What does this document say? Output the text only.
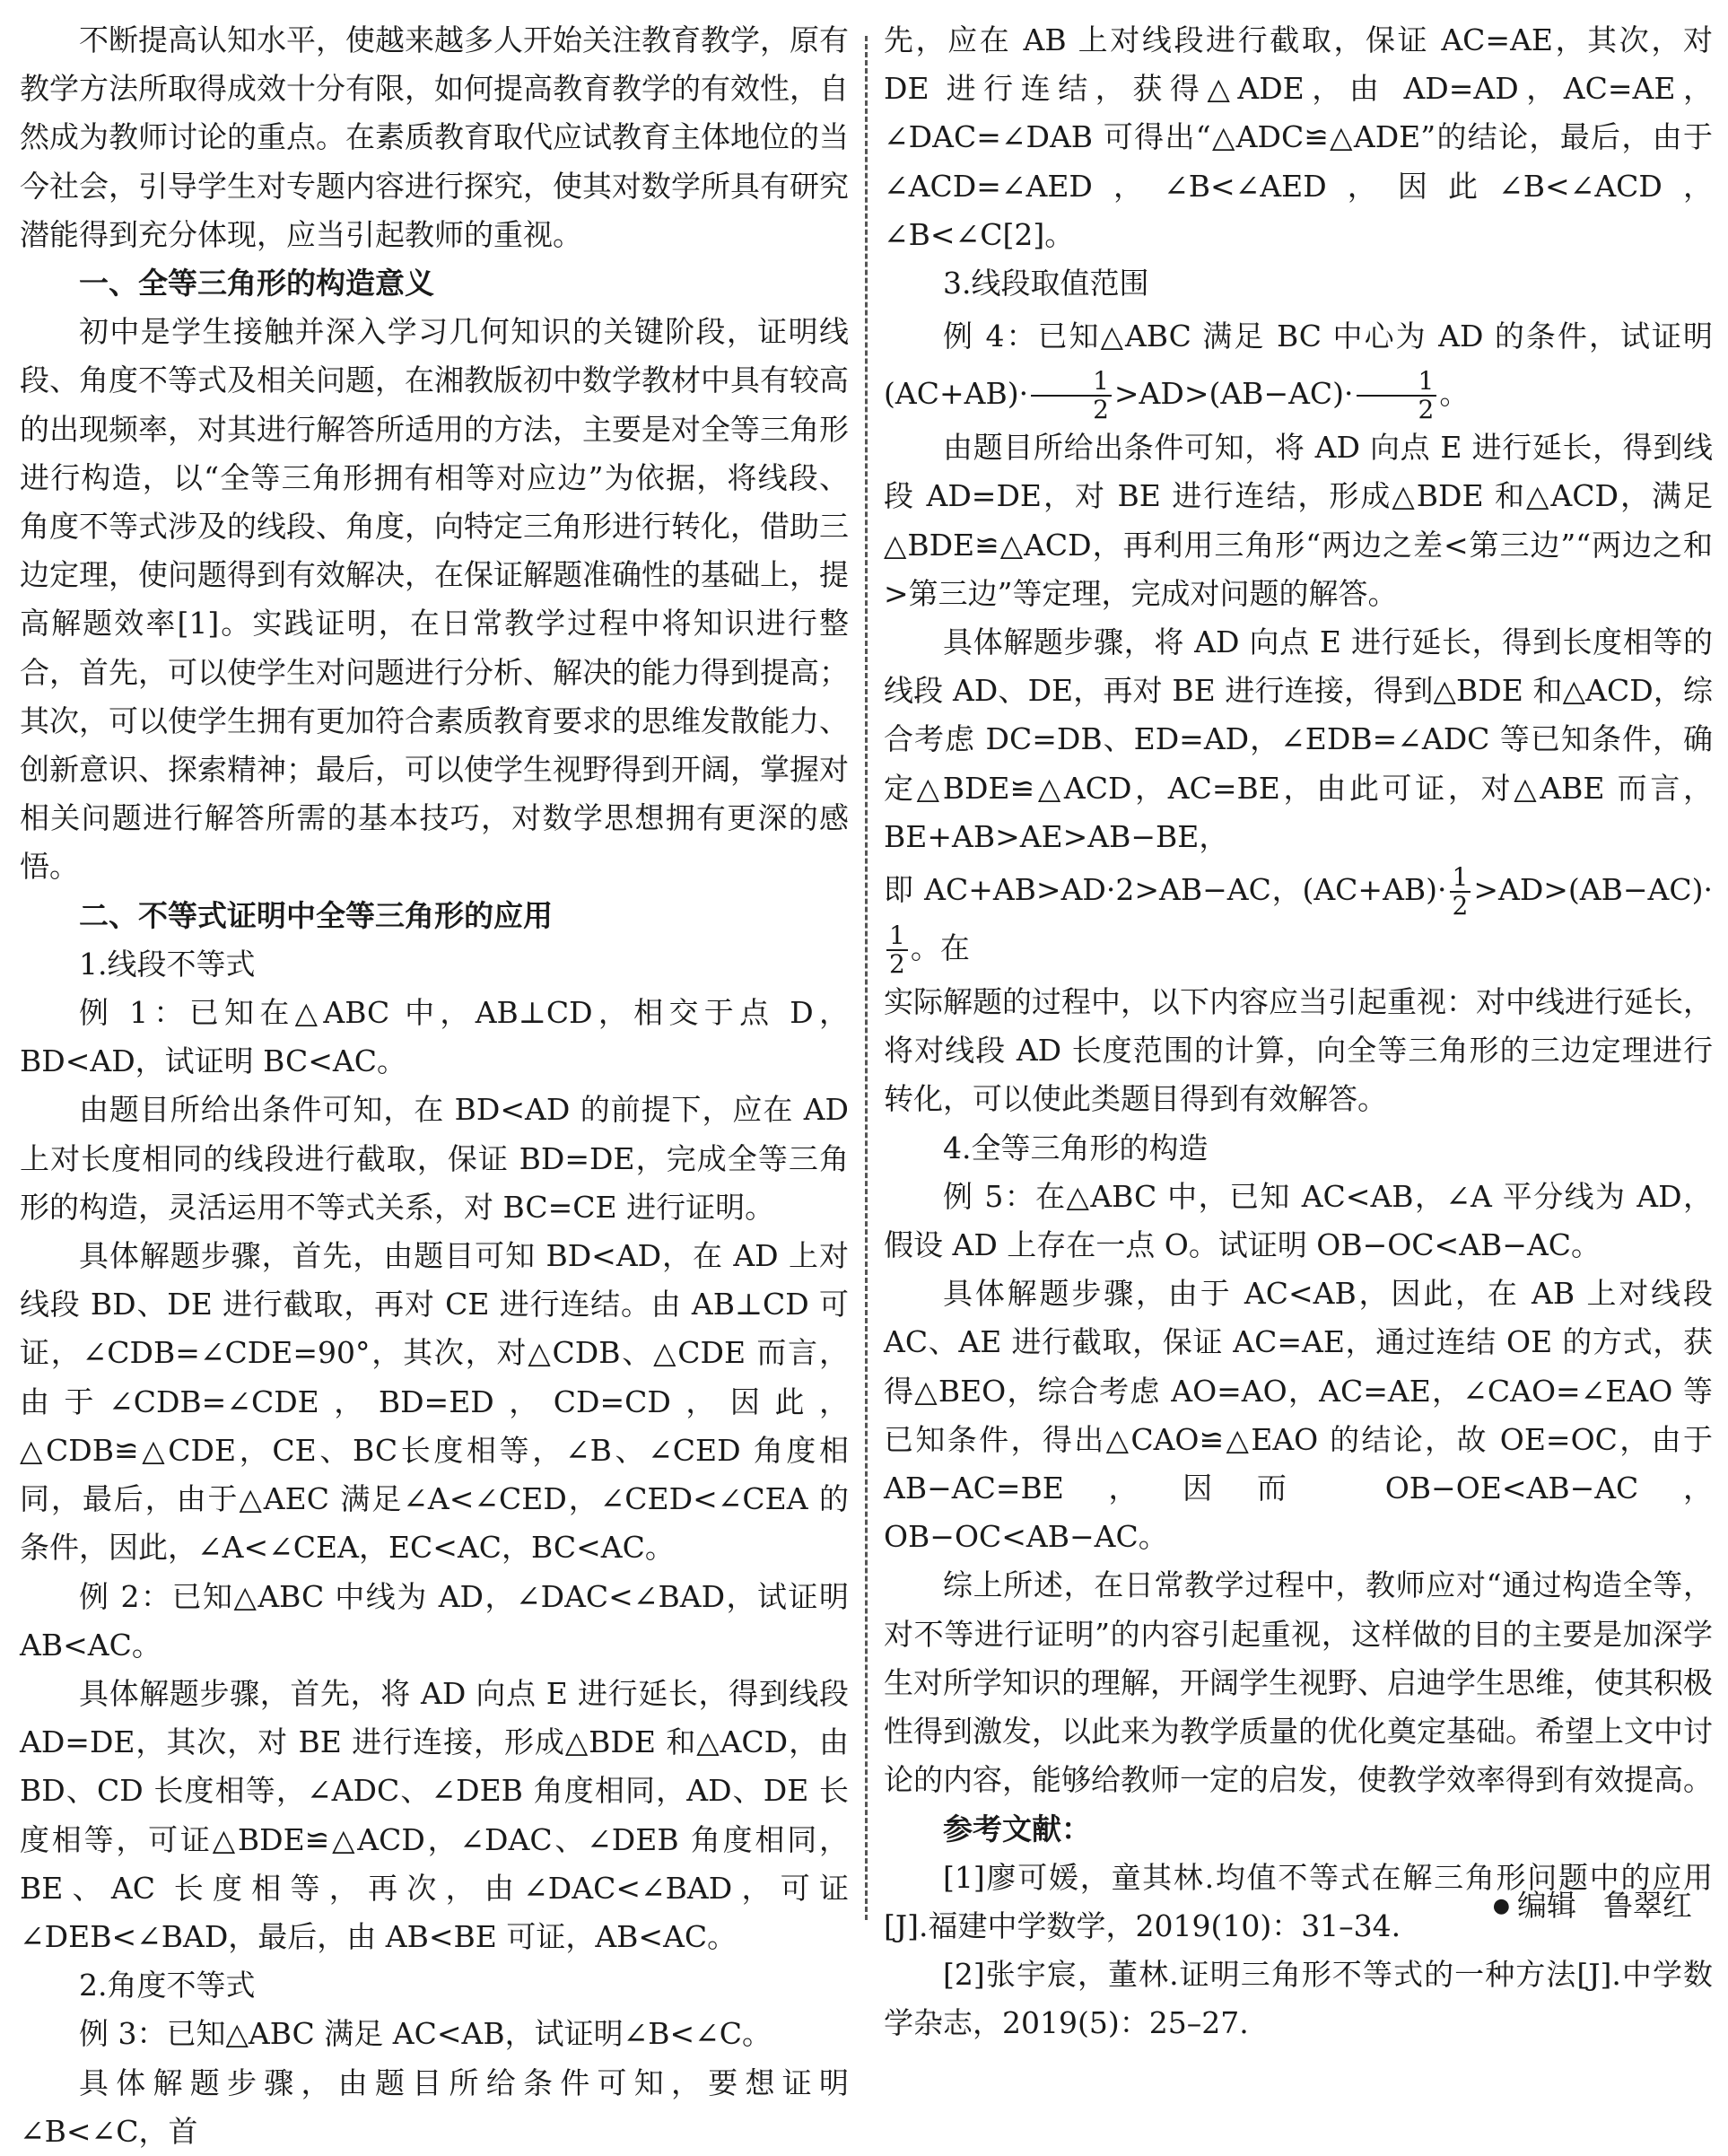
不断提高认知水平，使越来越多人开始关注教育教学，原有教学方法所取得成效十分有限，如何提高教育教学的有效性，自然成为教师讨论的重点。在素质教育取代应试教育主体地位的当今社会，引导学生对专题内容进行探究，使其对数学所具有研究潜能得到充分体现，应当引起教师的重视。

一、全等三角形的构造意义

初中是学生接触并深入学习几何知识的关键阶段，证明线段、角度不等式及相关问题，在湘教版初中数学教材中具有较高的出现频率，对其进行解答所适用的方法，主要是对全等三角形进行构造，以“全等三角形拥有相等对应边”为依据，将线段、角度不等式涉及的线段、角度，向特定三角形进行转化，借助三边定理，使问题得到有效解决，在保证解题准确性的基础上，提高解题效率[1]。实践证明，在日常教学过程中将知识进行整合，首先，可以使学生对问题进行分析、解决的能力得到提高；其次，可以使学生拥有更加符合素质教育要求的思维发散能力、创新意识、探索精神；最后，可以使学生视野得到开阔，掌握对相关问题进行解答所需的基本技巧，对数学思想拥有更深的感悟。

二、不等式证明中全等三角形的应用

1.线段不等式

例 1：已知在△ABC 中，AB⊥CD，相交于点 D，BD<AD，试证明 BC<AC。

由题目所给出条件可知，在 BD<AD 的前提下，应在 AD 上对长度相同的线段进行截取，保证 BD=DE，完成全等三角形的构造，灵活运用不等式关系，对 BC=CE 进行证明。

具体解题步骤，首先，由题目可知 BD<AD，在 AD 上对线段 BD、DE 进行截取，再对 CE 进行连结。由 AB⊥CD 可证，∠CDB=∠CDE=90°，其次，对△CDB、△CDE 而言，由于∠CDB=∠CDE，BD=ED，CD=CD，因此，△CDB≌△CDE，CE、BC长度相等，∠B、∠CED 角度相同，最后，由于△AEC 满足∠A<∠CED，∠CED<∠CEA 的条件，因此，∠A<∠CEA，EC<AC，BC<AC。

例 2：已知△ABC 中线为 AD，∠DAC<∠BAD，试证明 AB<AC。

具体解题步骤，首先，将 AD 向点 E 进行延长，得到线段 AD=DE，其次，对 BE 进行连接，形成△BDE 和△ACD，由 BD、CD 长度相等，∠ADC、∠DEB 角度相同，AD、DE 长度相等，可证△BDE≌△ACD，∠DAC、∠DEB 角度相同，BE、AC 长度相等，再次，由∠DAC<∠BAD，可证∠DEB<∠BAD，最后，由 AB<BE 可证，AB<AC。

2.角度不等式

例 3：已知△ABC 满足 AC<AB，试证明∠B<∠C。

具体解题步骤，由题目所给条件可知，要想证明∠B<∠C，首

先，应在 AB 上对线段进行截取，保证 AC=AE，其次，对 DE 进行连结，获得△ADE，由 AD=AD，AC=AE，∠DAC=∠DAB 可得出“△ADC≌△ADE”的结论，最后，由于∠ACD=∠AED，∠B<∠AED，因此∠B<∠ACD，∠B<∠C[2]。

3.线段取值范围

例 4：已知△ABC 满足 BC 中心为 AD 的条件，试证明$(AC+AB)\cdot \frac{1}{2} >AD>(AB-AC)\cdot \frac{1}{2}$ 。

由题目所给出条件可知，将 AD 向点 E 进行延长，得到线段 AD=DE，对 BE 进行连结，形成△BDE 和△ACD，满足△BDE≌△ACD，再利用三角形“两边之差<第三边”“两边之和>第三边”等定理，完成对问题的解答。

具体解题步骤，将 AD 向点 E 进行延长，得到长度相等的线段 AD、DE，再对 BE 进行连接，得到△BDE 和△ACD，综合考虑 DC=DB、ED=AD，∠EDB=∠ADC 等已知条件，确定△BDE≌△ACD，AC=BE，由此可证，对△ABE 而言，BE+AB>AE>AB−BE，

即 AC+AB>AD·2>AB−AC，$(AC+AB)\cdot \frac{1}{2} >AD>(AB-AC)\cdot$
$\frac{1}{2}$ 。在

实际解题的过程中，以下内容应当引起重视：对中线进行延长，将对线段 AD 长度范围的计算，向全等三角形的三边定理进行转化，可以使此类题目得到有效解答。

4.全等三角形的构造

例 5：在△ABC 中，已知 AC<AB，∠A 平分线为 AD，假设 AD 上存在一点 O。试证明 OB−OC<AB−AC。

具体解题步骤，由于 AC<AB，因此，在 AB 上对线段 AC、AE 进行截取，保证 AC=AE，通过连结 OE 的方式，获得△BEO，综合考虑 AO=AO，AC=AE，∠CAO=∠EAO 等已知条件，得出△CAO≌△EAO 的结论，故 OE=OC，由于 AB−AC=BE，因而 OB−OE<AB−AC，OB−OC<AB−AC。

综上所述，在日常教学过程中，教师应对“通过构造全等，对不等进行证明”的内容引起重视，这样做的目的主要是加深学生对所学知识的理解，开阔学生视野、启迪学生思维，使其积极性得到激发，以此来为教学质量的优化奠定基础。希望上文中讨论的内容，能够给教师一定的启发，使教学效率得到有效提高。

参考文献：

[1]廖可媛，童其林.均值不等式在解三角形问题中的应用[J].福建中学数学，2019(10)：31–34.

[2]张宇宸，董林.证明三角形不等式的一种方法[J].中学数学杂志，2019(5)：25–27.

● 编辑 鲁翠红
